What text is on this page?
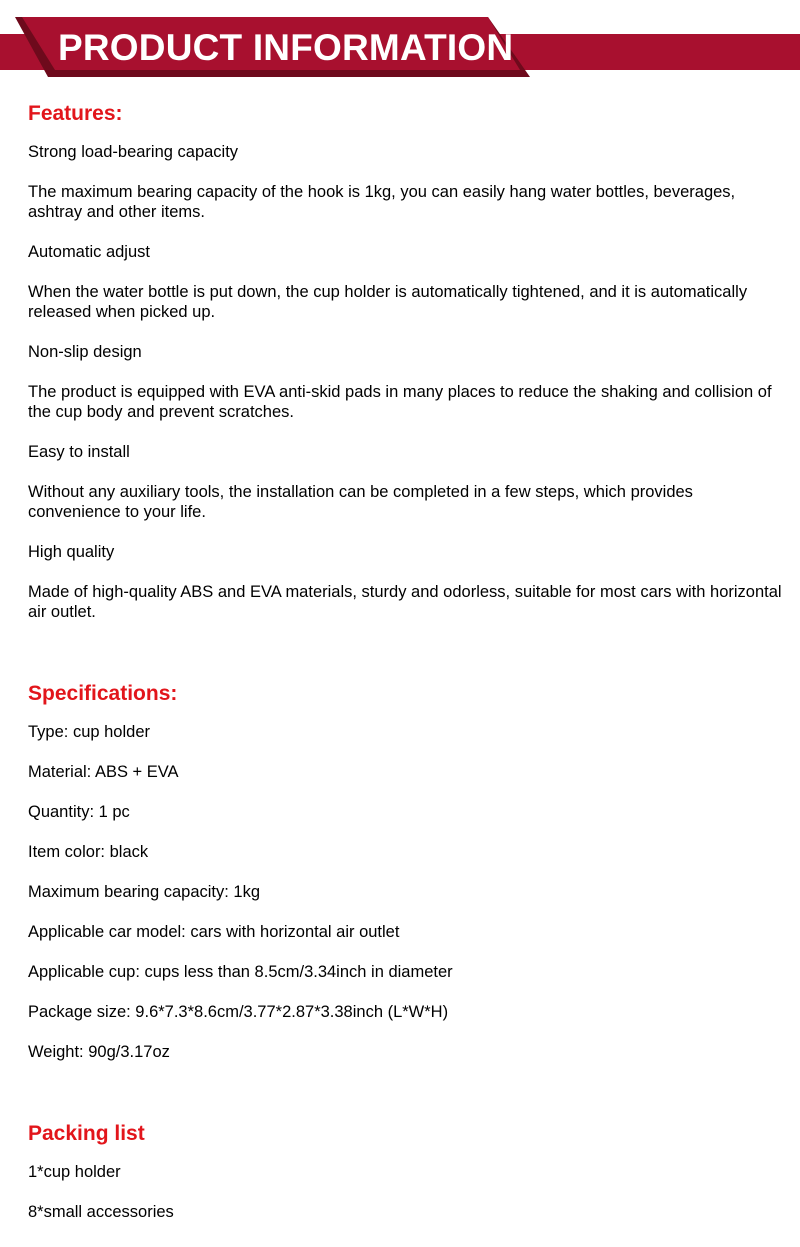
PRODUCT INFORMATION
Features:

Strong load-bearing capacity

The maximum bearing capacity of the hook is 1kg, you can easily hang water bottles, beverages, ashtray and other items.

Automatic adjust

When the water bottle is put down, the cup holder is automatically tightened, and it is automatically released when picked up.

Non-slip design

The product is equipped with EVA anti-skid pads in many places to reduce the shaking and collision of the cup body and prevent scratches.

Easy to install

Without any auxiliary tools, the installation can be completed in a few steps, which provides convenience to your life.

High quality

Made of high-quality ABS and EVA materials, sturdy and odorless, suitable for most cars with horizontal air outlet.

Specifications:

Type: cup holder

Material: ABS + EVA

Quantity: 1 pc

Item color: black

Maximum bearing capacity: 1kg

Applicable car model: cars with horizontal air outlet

Applicable cup: cups less than 8.5cm/3.34inch in diameter

Package size: 9.6*7.3*8.6cm/3.77*2.87*3.38inch (L*W*H)

Weight: 90g/3.17oz

Packing list

1*cup holder

8*small accessories
